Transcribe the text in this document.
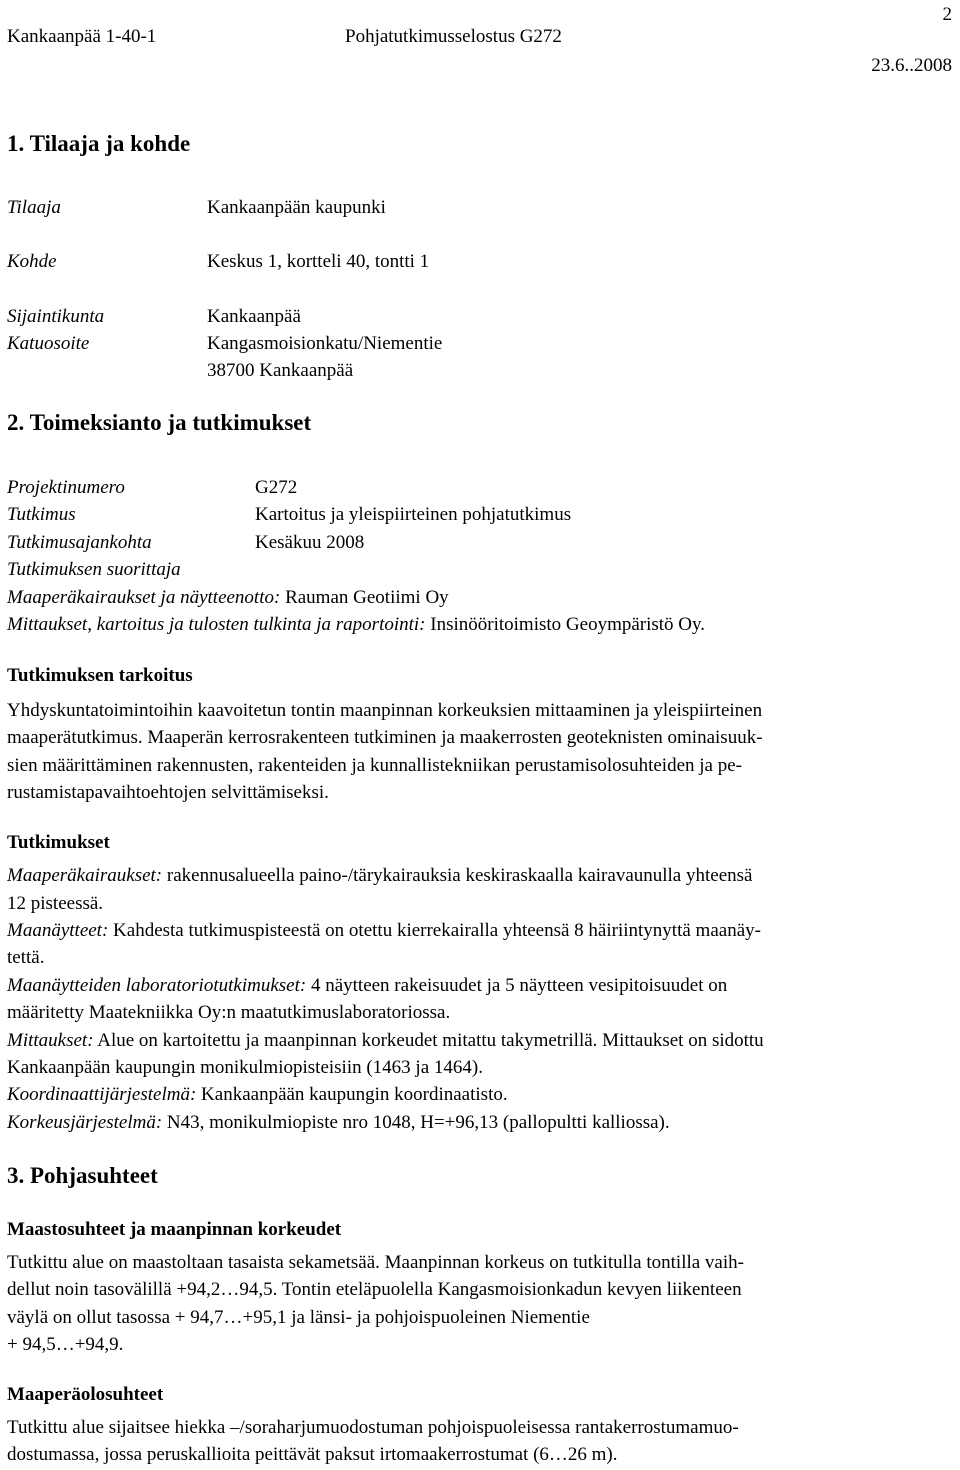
Kankaanpää 1-40-1	Pohjatutkimusselostus G272
2
23.6..2008
1. Tilaaja ja kohde
Tilaaja	Kankaanpään kaupunki
Kohde	Keskus 1, kortteli 40, tontti 1
Sijaintikunta	Kankaanpää
Katuosoite	Kangasmoisionkatu/Niementie
38700 Kankaanpää
2. Toimeksianto ja tutkimukset
Projektinumero	G272
Tutkimus	Kartoitus ja yleispiirteinen pohjatutkimus
Tutkimusajankohta	Kesäkuu 2008
Tutkimuksen suorittaja
Maaperäkairaukset ja näytteenotto: Rauman Geotiimi Oy
Mittaukset, kartoitus ja tulosten tulkinta ja raportointi: Insinööritoimisto Geoympäristö Oy.
Tutkimuksen tarkoitus
Yhdyskuntatoimintoihin kaavoitetun tontin maanpinnan korkeuksien mittaaminen ja yleispiirteinen
maaperätutkimus. Maaperän kerrosrakenteen tutkiminen ja maakerrosten geoteknisten ominaisuuk-
sien määrittäminen rakennusten, rakenteiden ja kunnallistekniikan perustamisolosuhteiden ja pe-
rustamistapavaihtoehtojen selvittämiseksi.
Tutkimukset
Maaperäkairaukset: rakennusalueella paino-/tärykairauksia keskiraskaalla kairavaunulla yhteensä
12 pisteessä.
Maanäytteet: Kahdesta tutkimuspisteestä on otettu kierrekairalla yhteensä 8 häiriintynyttä maanäy-
tettä.
Maanäytteiden laboratoriotutkimukset: 4 näytteen rakeisuudet ja 5 näytteen vesipitoisuudet on
määritetty Maatekniikka Oy:n maatutkimuslaboratoriossa.
Mittaukset: Alue on kartoitettu ja maanpinnan korkeudet mitattu takymetrillä. Mittaukset on sidottu
Kankaanpään kaupungin monikulmiopisteisiin (1463 ja 1464).
Koordinaattijärjestelmä: Kankaanpään kaupungin koordinaatisto.
Korkeusjärjestelmä: N43, monikulmiopiste nro 1048, H=+96,13 (pallopultti kalliossa).
3. Pohjasuhteet
Maastosuhteet ja maanpinnan korkeudet
Tutkittu alue on maastoltaan tasaista sekametsää. Maanpinnan korkeus on tutkitulla tontilla vaih-
dellut noin tasovälillä +94,2…94,5. Tontin eteläpuolella Kangasmoisionkadun kevyen liikenteen
väylä on ollut tasossa + 94,7…+95,1 ja länsi- ja pohjoispuoleinen Niementie
+ 94,5…+94,9.
Maaperäolosuhteet
Tutkittu alue sijaitsee hiekka –/soraharjumuodostuman pohjoispuoleisessa rantakerrostumamuo-
dostumassa, jossa peruskallioita peittävät paksut irtomaakerrostumat (6…26 m).
